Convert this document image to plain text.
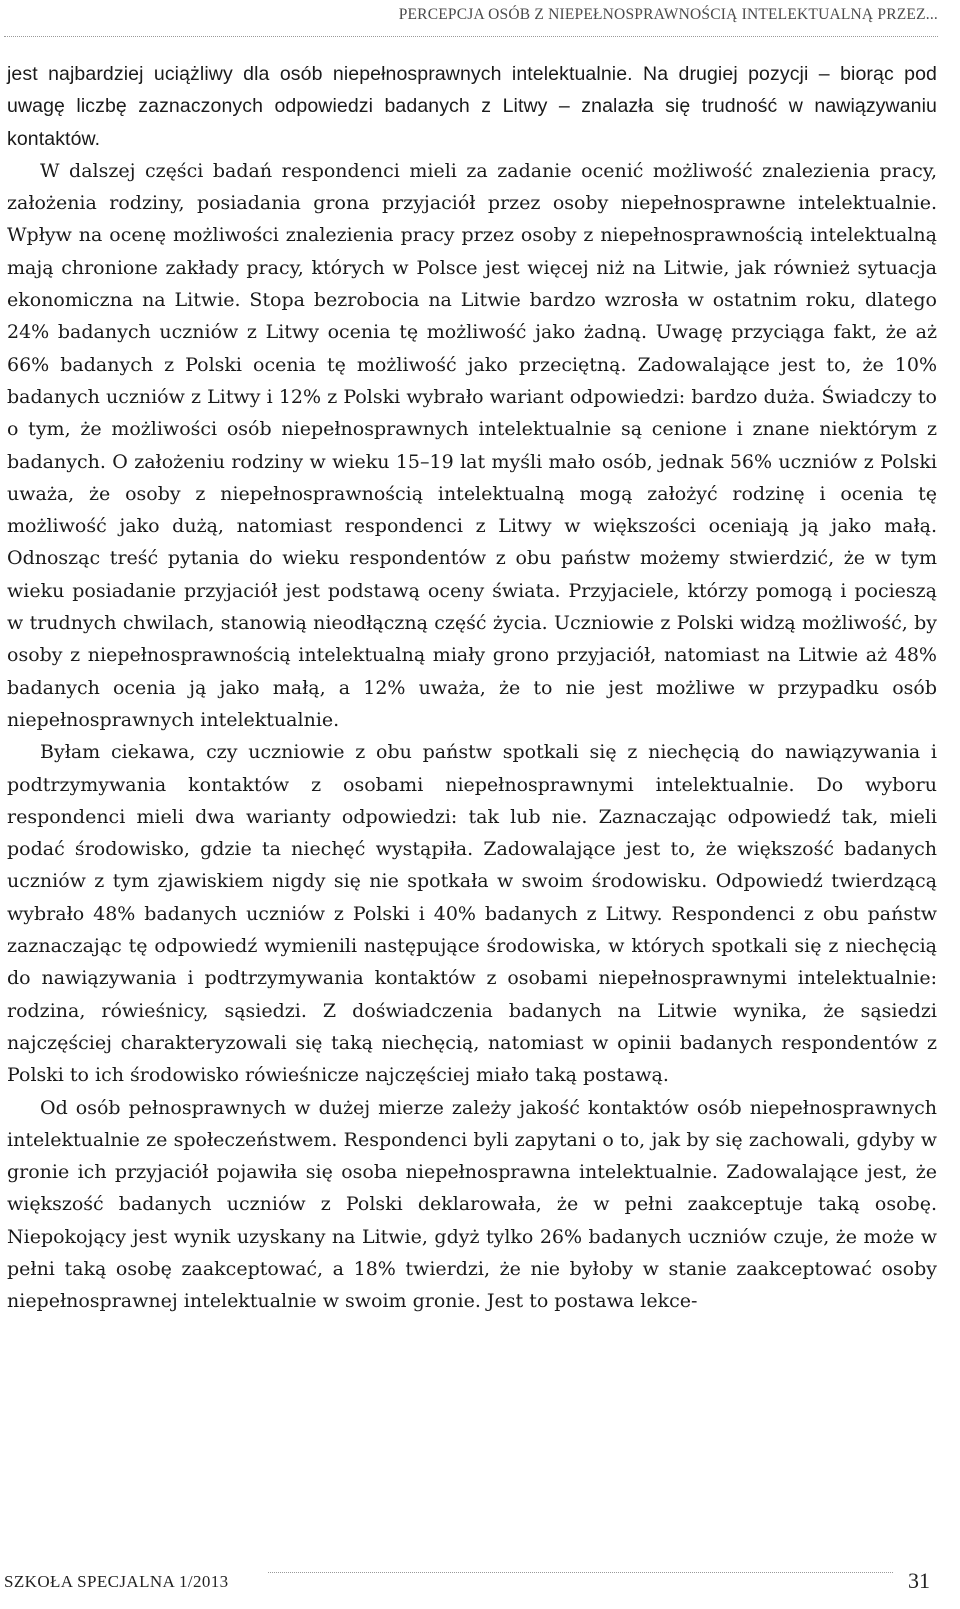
PERCEPCJA OSÓB Z NIEPEŁNOSPRAWNOŚCIĄ INTELEKTUALNĄ PRZEZ...

jest najbardziej uciążliwy dla osób niepełnosprawnych intelektualnie. Na drugiej pozycji – biorąc pod uwagę liczbę zaznaczonych odpowiedzi badanych z Litwy – znalazła się trudność w nawiązywaniu kontaktów.

W dalszej części badań respondenci mieli za zadanie ocenić możliwość znalezienia pracy, założenia rodziny, posiadania grona przyjaciół przez osoby niepełnosprawne intelektualnie. Wpływ na ocenę możliwości znalezienia pracy przez osoby z niepełnosprawnością intelektualną mają chronione zakłady pracy, których w Polsce jest więcej niż na Litwie, jak również sytuacja ekonomiczna na Litwie. Stopa bezrobocia na Litwie bardzo wzrosła w ostatnim roku, dlatego 24% badanych uczniów z Litwy ocenia tę możliwość jako żadną. Uwagę przyciąga fakt, że aż 66% badanych z Polski ocenia tę możliwość jako przeciętną. Zadowalające jest to, że 10% badanych uczniów z Litwy i 12% z Polski wybrało wariant odpowiedzi: bardzo duża. Świadczy to o tym, że możliwości osób niepełnosprawnych intelektualnie są cenione i znane niektórym z badanych. O założeniu rodziny w wieku 15–19 lat myśli mało osób, jednak 56% uczniów z Polski uważa, że osoby z niepełnosprawnością intelektualną mogą założyć rodzinę i ocenia tę możliwość jako dużą, natomiast respondenci z Litwy w większości oceniają ją jako małą. Odnosząc treść pytania do wieku respondentów z obu państw możemy stwierdzić, że w tym wieku posiadanie przyjaciół jest podstawą oceny świata. Przyjaciele, którzy pomogą i pocieszą w trudnych chwilach, stanowią nieodłączną część życia. Uczniowie z Polski widzą możliwość, by osoby z niepełnosprawnością intelektualną miały grono przyjaciół, natomiast na Litwie aż 48% badanych ocenia ją jako małą, a 12% uważa, że to nie jest możliwe w przypadku osób niepełnosprawnych intelektualnie.

Byłam ciekawa, czy uczniowie z obu państw spotkali się z niechęcią do nawiązywania i podtrzymywania kontaktów z osobami niepełnosprawnymi intelektualnie. Do wyboru respondenci mieli dwa warianty odpowiedzi: tak lub nie. Zaznaczając odpowiedź tak, mieli podać środowisko, gdzie ta niechęć wystąpiła. Zadowalające jest to, że większość badanych uczniów z tym zjawiskiem nigdy się nie spotkała w swoim środowisku. Odpowiedź twierdzącą wybrało 48% badanych uczniów z Polski i 40% badanych z Litwy. Respondenci z obu państw zaznaczając tę odpowiedź wymienili następujące środowiska, w których spotkali się z niechęcią do nawiązywania i podtrzymywania kontaktów z osobami niepełnosprawnymi intelektualnie: rodzina, rówieśnicy, sąsiedzi. Z doświadczenia badanych na Litwie wynika, że sąsiedzi najczęściej charakteryzowali się taką niechęcią, natomiast w opinii badanych respondentów z Polski to ich środowisko rówieśnicze najczęściej miało taką postawą.

Od osób pełnosprawnych w dużej mierze zależy jakość kontaktów osób niepełnosprawnych intelektualnie ze społeczeństwem. Respondenci byli zapytani o to, jak by się zachowali, gdyby w gronie ich przyjaciół pojawiła się osoba niepełnosprawna intelektualnie. Zadowalające jest, że większość badanych uczniów z Polski deklarowała, że w pełni zaakceptuje taką osobę. Niepokojący jest wynik uzyskany na Litwie, gdyż tylko 26% badanych uczniów czuje, że może w pełni taką osobę zaakceptować, a 18% twierdzi, że nie byłoby w stanie zaakceptować osoby niepełnosprawnej intelektualnie w swoim gronie. Jest to postawa lekce-

SZKOŁA SPECJALNA 1/2013	31
